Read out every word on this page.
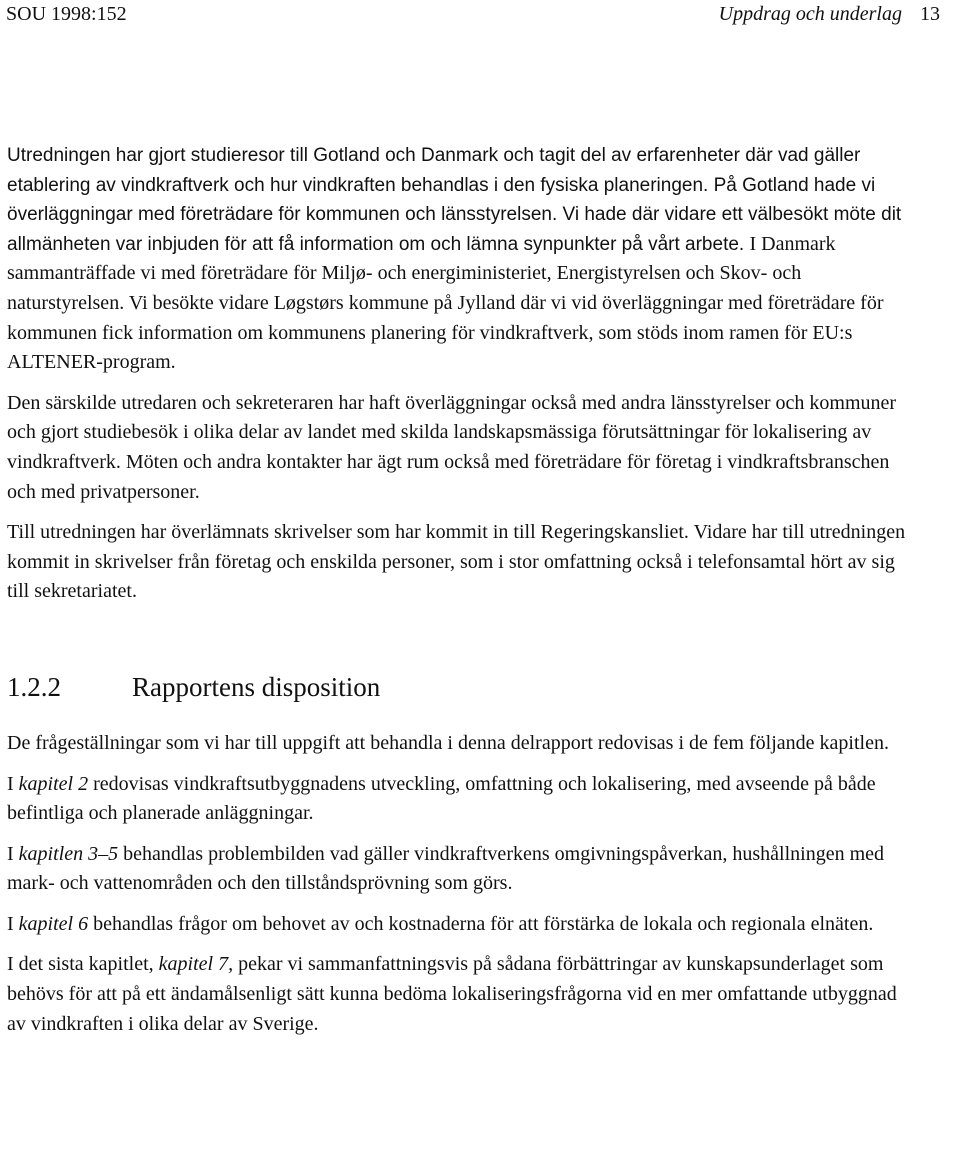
SOU 1998:152	Uppdrag och underlag 13

Utredningen har gjort studieresor till Gotland och Danmark och tagit del av erfarenheter där vad gäller etablering av vindkraftverk och hur vindkraften behandlas i den fysiska planeringen. På Gotland hade vi överläggningar med företrädare för kommunen och länsstyrelsen. Vi hade där vidare ett välbesökt möte dit allmänheten var inbjuden för att få information om och lämna synpunkter på vårt arbete. I Danmark sammanträffade vi med företrädare för Miljø- och energiministeriet, Energistyrelsen och Skov- och naturstyrelsen. Vi besökte vidare Løgstørs kommune på Jylland där vi vid överläggningar med företrädare för kommunen fick information om kommunens planering för vindkraftverk, som stöds inom ramen för EU:s ALTENER-program.

Den särskilde utredaren och sekreteraren har haft överläggningar också med andra länsstyrelser och kommuner och gjort studiebesök i olika delar av landet med skilda landskapsmässiga förutsättningar för lokalisering av vindkraftverk. Möten och andra kontakter har ägt rum också med företrädare för företag i vindkraftsbranschen och med privatpersoner.

Till utredningen har överlämnats skrivelser som har kommit in till Regeringskansliet. Vidare har till utredningen kommit in skrivelser från företag och enskilda personer, som i stor omfattning också i telefonsamtal hört av sig till sekretariatet.

1.2.2	Rapportens disposition

De frågeställningar som vi har till uppgift att behandla i denna delrapport redovisas i de fem följande kapitlen.

I kapitel 2 redovisas vindkraftsutbyggnadens utveckling, omfattning och lokalisering, med avseende på både befintliga och planerade anläggningar.

I kapitlen 3–5 behandlas problembilden vad gäller vindkraftverkens omgivningspåverkan, hushållningen med mark- och vattenområden och den tillståndsprövning som görs.

I kapitel 6 behandlas frågor om behovet av och kostnaderna för att förstärka de lokala och regionala elnäten.

I det sista kapitlet, kapitel 7, pekar vi sammanfattningsvis på sådana förbättringar av kunskapsunderlaget som behövs för att på ett ändamålsenligt sätt kunna bedöma lokaliseringsfrågorna vid en mer omfattande utbyggnad av vindkraften i olika delar av Sverige.
